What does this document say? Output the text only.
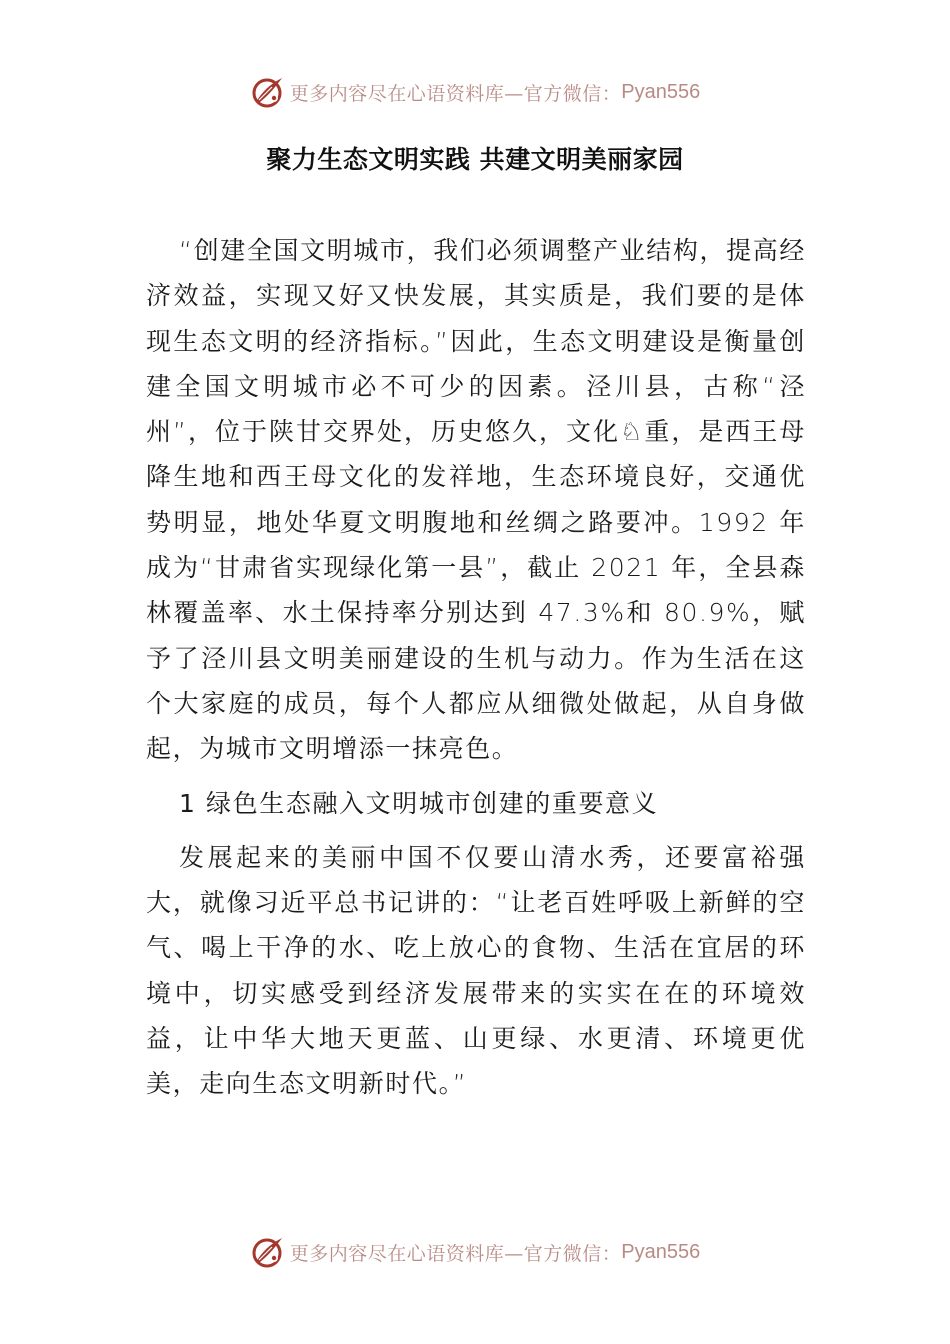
更多内容尽在心语资料库—官方微信： Pyan556
聚力生态文明实践 共建文明美丽家园

“创建全国文明城市，我们必须调整产业结构，提高经济效益，实现又好又快发展，其实质是，我们要的是体现生态文明的经济指标。”因此，生态文明建设是衡量创建全国文明城市必不可少的因素。泾川县，古称“泾州”，位于陕甘交界处，历史悠久，文化♘重，是西王母降生地和西王母文化的发祥地，生态环境良好，交通优势明显，地处华夏文明腹地和丝绸之路要冲。1992 年成为“甘肃省实现绿化第一县”，截止 2021 年，全县森林覆盖率、水土保持率分别达到 47.3%和 80.9%，赋予了泾川县文明美丽建设的生机与动力。作为生活在这个大家庭的成员，每个人都应从细微处做起，从自身做起，为城市文明增添一抹亮色。

1 绿色生态融入文明城市创建的重要意义

发展起来的美丽中国不仅要山清水秀，还要富裕强大，就像习近平总书记讲的：“让老百姓呼吸上新鲜的空气、喝上干净的水、吃上放心的食物、生活在宜居的环境中，切实感受到经济发展带来的实实在在的环境效益，让中华大地天更蓝、山更绿、水更清、环境更优美，走向生态文明新时代。”

更多内容尽在心语资料库—官方微信： Pyan556
